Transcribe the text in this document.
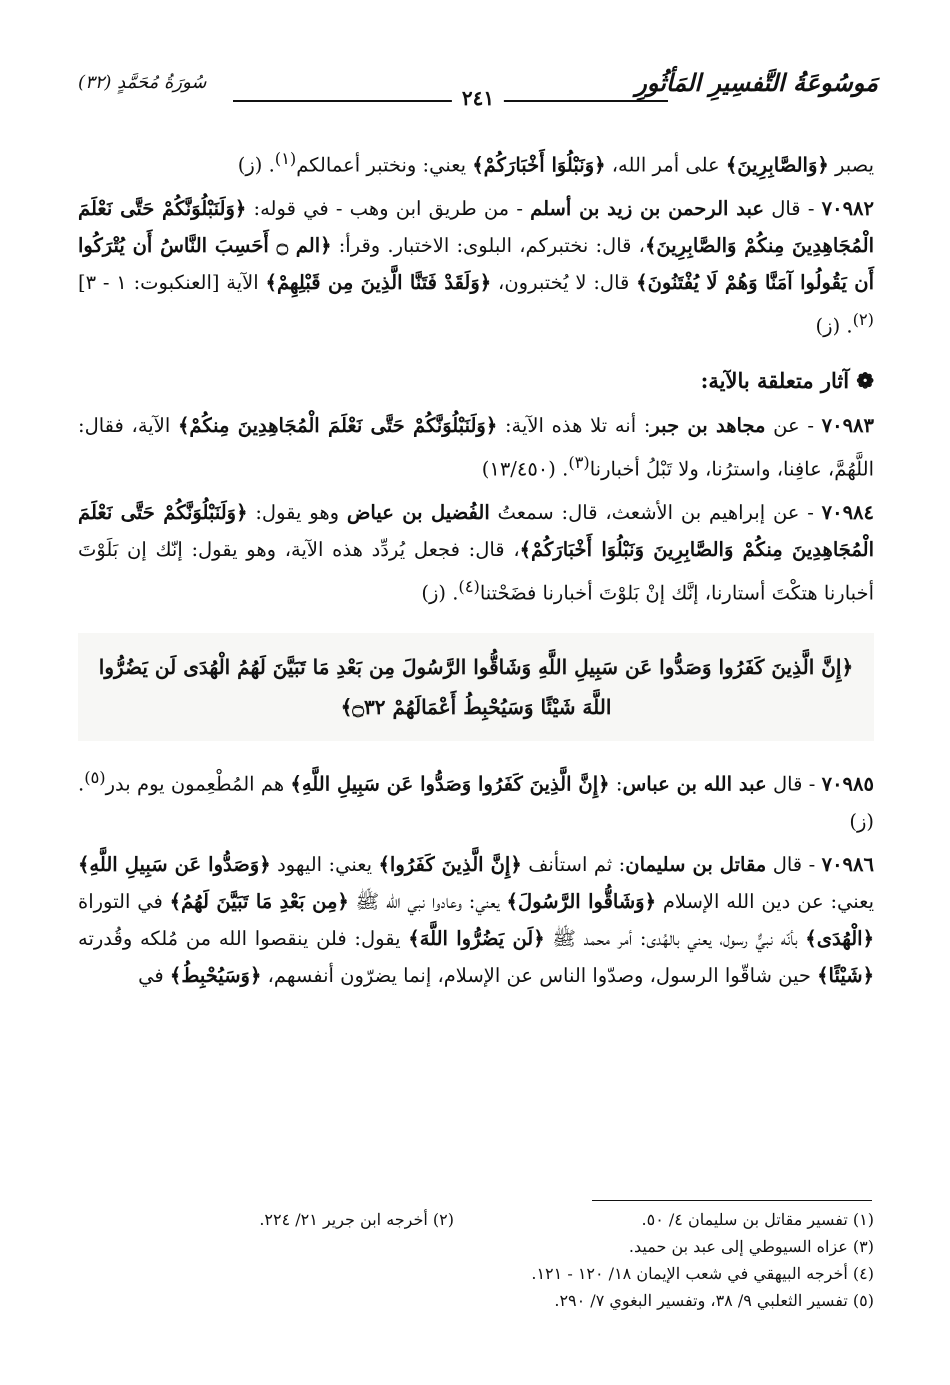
مَوسُوعَةُ التَّفسِيرِ المَأثُورِ
٢٤١
سُورَةُ مُحَمَّدٍ (٣٢)

يصبر ﴿وَالصَّابِرِينَ﴾ على أمر الله، ﴿وَنَبْلُوَا أَخْبَارَكُمْ﴾ يعني: ونختبر أعمالكم$^{(١)}$. (ز)

٧٠٩٨٢ - قال عبد الرحمن بن زيد بن أسلم - من طريق ابن وهب - في قوله: ﴿وَلَنَبْلُوَنَّكُمْ حَتَّى نَعْلَمَ الْمُجَاهِدِينَ مِنكُمْ وَالصَّابِرِينَ﴾، قال: نختبركم، البلوى: الاختبار. وقرأ: ﴿الم ۝ أَحَسِبَ النَّاسُ أَن يُتْرَكُوا أَن يَقُولُوا آمَنَّا وَهُمْ لَا يُفْتَنُونَ﴾ قال: لا يُختبرون، ﴿وَلَقَدْ فَتَنَّا الَّذِينَ مِن قَبْلِهِمْ﴾ الآية [العنكبوت: ١ - ٣]$^{(٢)}$. (ز)

❁ آثار متعلقة بالآية:

٧٠٩٨٣ - عن مجاهد بن جبر: أنه تلا هذه الآية: ﴿وَلَنَبْلُوَنَّكُمْ حَتَّى نَعْلَمَ الْمُجَاهِدِينَ مِنكُمْ﴾ الآية، فقال: اللَّهُمَّ، عافِنا، واسترُنا، ولا تَبْلُ أخبارنا$^{(٣)}$. (١٣/٤٥٠)

٧٠٩٨٤ - عن إبراهيم بن الأشعث، قال: سمعتُ الفُضيل بن عياض وهو يقول: ﴿وَلَنَبْلُوَنَّكُمْ حَتَّى نَعْلَمَ الْمُجَاهِدِينَ مِنكُمْ وَالصَّابِرِينَ وَنَبْلُوَا أَخْبَارَكُمْ﴾، قال: فجعل يُردِّد هذه الآية، وهو يقول: إنّك إن بَلَوْتَ أخبارنا هتكْتَ أستارنا، إنَّك إنْ بَلوْتَ أخبارنا فضَحْتنا$^{(٤)}$. (ز)

﴿إِنَّ الَّذِينَ كَفَرُوا وَصَدُّوا عَن سَبِيلِ اللَّهِ وَشَاقُّوا الرَّسُولَ مِن بَعْدِ مَا تَبَيَّنَ لَهُمُ الْهُدَى لَن يَضُرُّوا اللَّهَ شَيْئًا وَسَيُحْبِطُ أَعْمَالَهُمْ ۝٣٢﴾

٧٠٩٨٥ - قال عبد الله بن عباس: ﴿إِنَّ الَّذِينَ كَفَرُوا وَصَدُّوا عَن سَبِيلِ اللَّهِ﴾ هم المُطْعِمون يوم بدر$^{(٥)}$. (ز)

٧٠٩٨٦ - قال مقاتل بن سليمان: ثم استأنف ﴿إِنَّ الَّذِينَ كَفَرُوا﴾ يعني: اليهود ﴿وَصَدُّوا عَن سَبِيلِ اللَّهِ﴾ يعني: عن دين الله الإسلام ﴿وَشَاقُّوا الرَّسُولَ﴾ يعني: وعادوا نبي الله ﷺ ﴿مِن بَعْدِ مَا تَبَيَّنَ لَهُمُ﴾ في التوراة ﴿الْهُدَى﴾ بأنّه نبيٌّ رسول، يعني بالهُدى: أمر محمد ﷺ ﴿لَن يَضُرُّوا اللَّهَ﴾ يقول: فلن ينقصوا الله من مُلكه وقُدرته ﴿شَيْئًا﴾ حين شاقّوا الرسول، وصدّوا الناس عن الإسلام، إنما يضرّون أنفسهم، ﴿وَسَيُحْبِطُ﴾ في

(١) تفسير مقاتل بن سليمان ٤/ ٥٠.
(٢) أخرجه ابن جرير ٢١/ ٢٢٤.
(٣) عزاه السيوطي إلى عبد بن حميد.
(٤) أخرجه البيهقي في شعب الإيمان ١٨/ ١٢٠ - ١٢١.
(٥) تفسير الثعلبي ٩/ ٣٨، وتفسير البغوي ٧/ ٢٩٠.
